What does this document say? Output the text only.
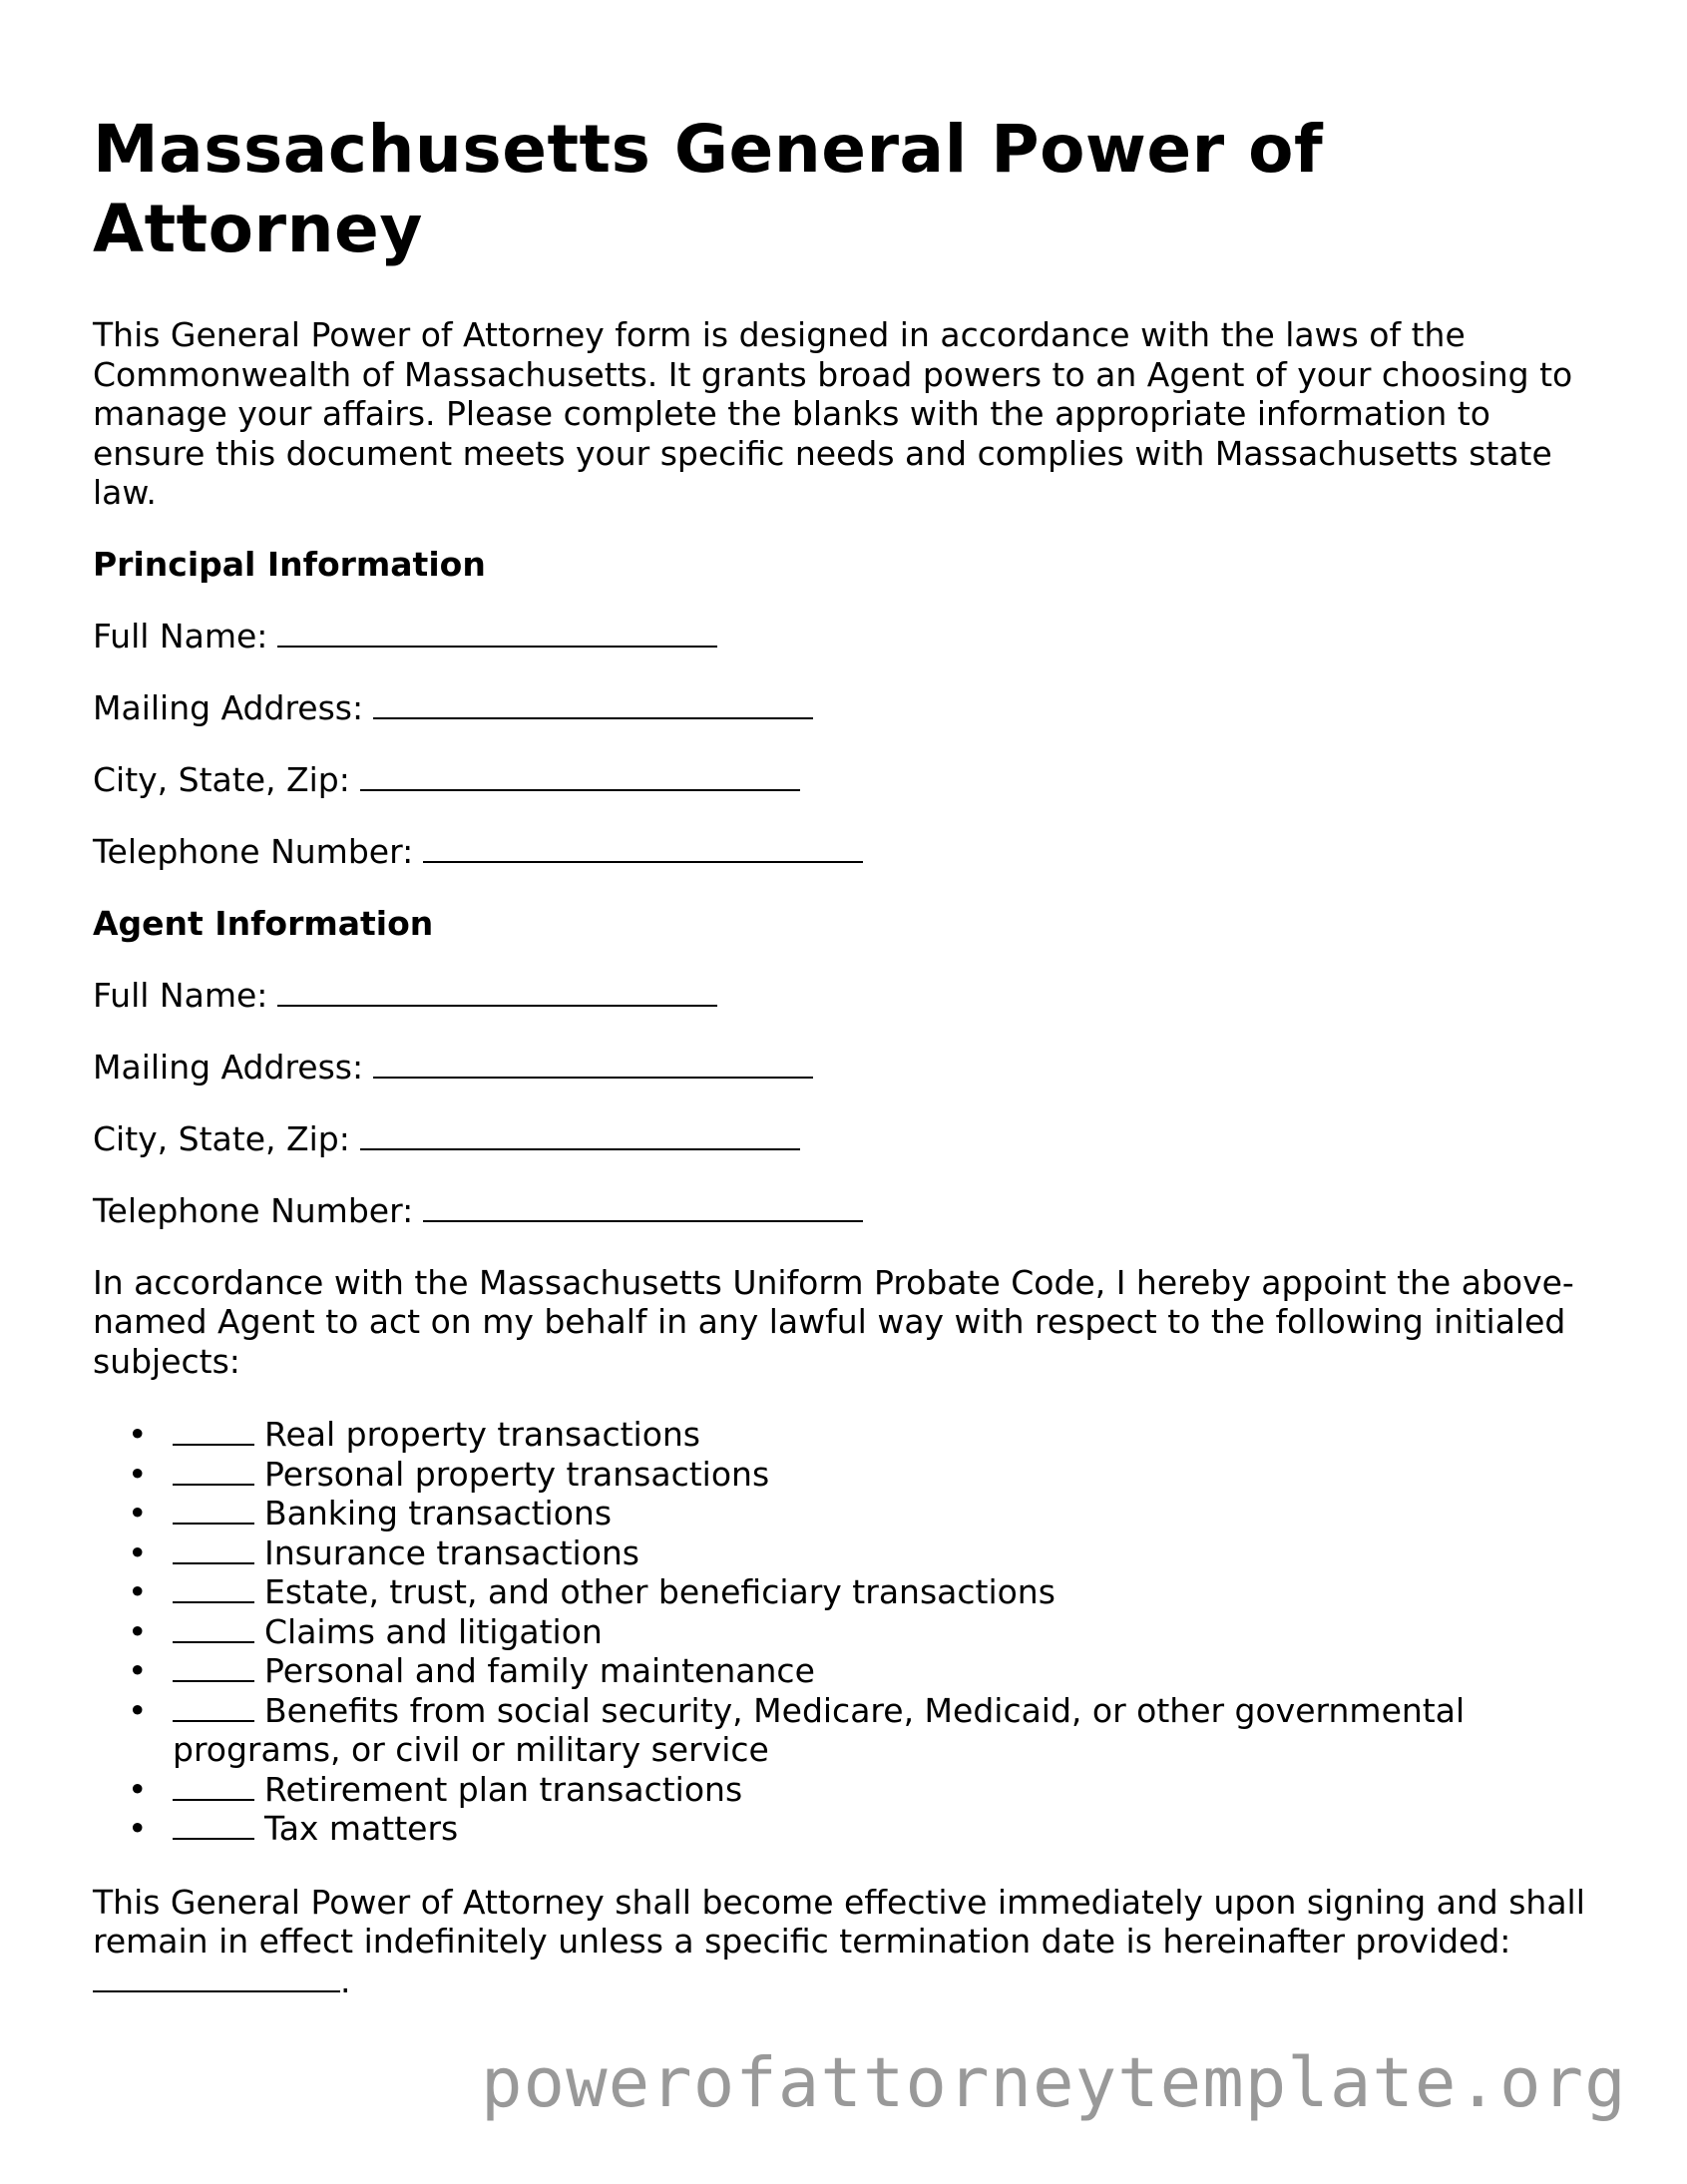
Massachusetts General Power of Attorney

This General Power of Attorney form is designed in accordance with the laws of the Commonwealth of Massachusetts. It grants broad powers to an Agent of your choosing to manage your affairs. Please complete the blanks with the appropriate information to ensure this document meets your specific needs and complies with Massachusetts state law.

Principal Information
Full Name:
Mailing Address:
City, State, Zip:
Telephone Number:
Agent Information
Full Name:
Mailing Address:
City, State, Zip:
Telephone Number:

In accordance with the Massachusetts Uniform Probate Code, I hereby appoint the above-named Agent to act on my behalf in any lawful way with respect to the following initialed subjects:

•	Real property transactions
•	Personal property transactions
•	Banking transactions
•	Insurance transactions
•	Estate, trust, and other beneficiary transactions
•	Claims and litigation
•	Personal and family maintenance
•	Benefits from social security, Medicare, Medicaid, or other governmental programs, or civil or military service
•	Retirement plan transactions
•	Tax matters

This General Power of Attorney shall become effective immediately upon signing and shall remain in effect indefinitely unless a specific termination date is hereinafter provided:
.

powerofattorneytemplate.org
